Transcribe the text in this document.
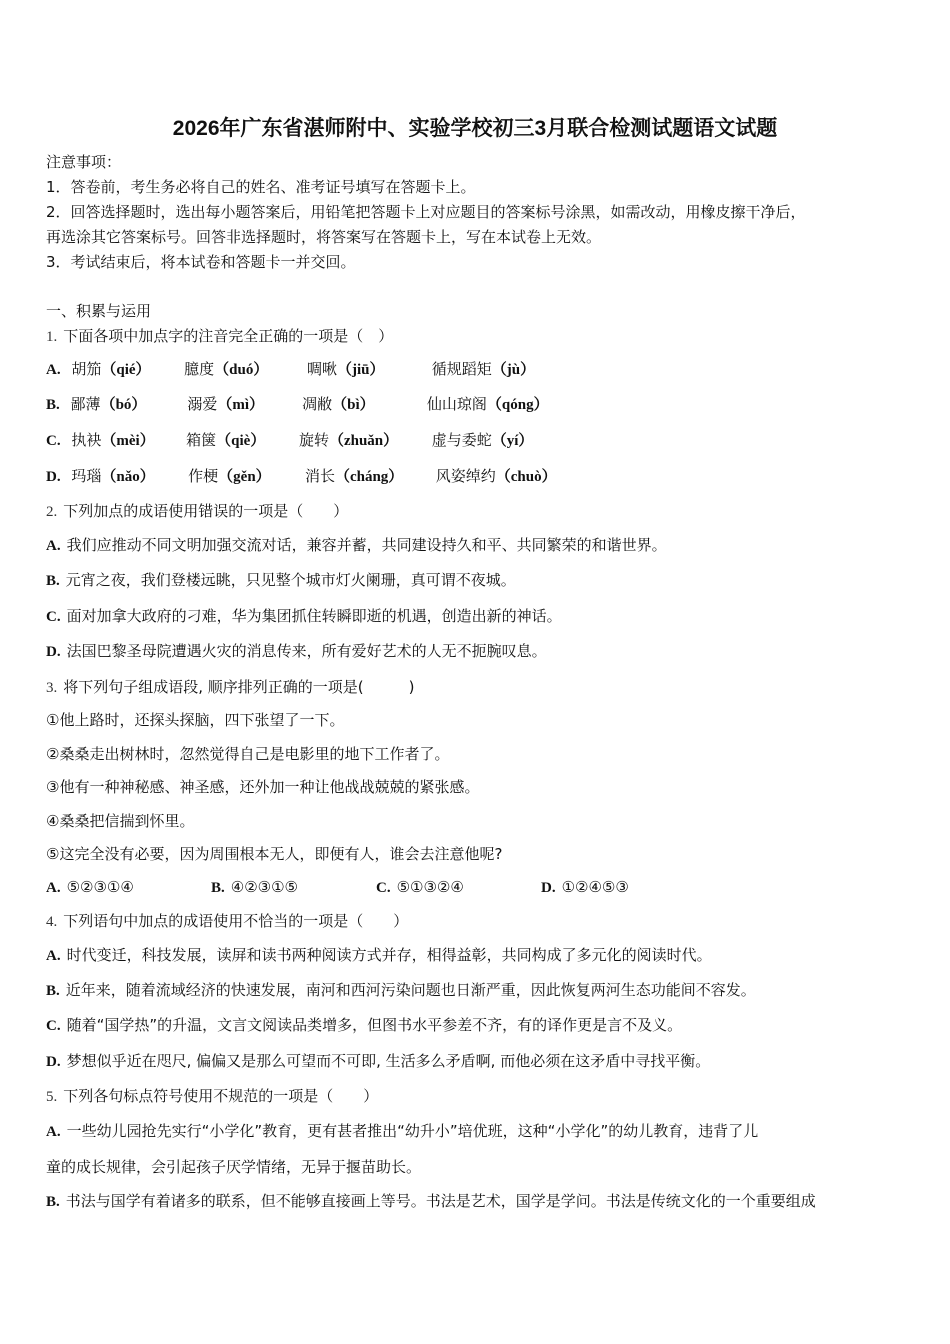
2026年广东省湛师附中、实验学校初三3月联合检测试题语文试题
注意事项：
1．答卷前，考生务必将自己的姓名、准考证号填写在答题卡上。
2．回答选择题时，选出每小题答案后，用铅笔把答题卡上对应题目的答案标号涂黑，如需改动，用橡皮擦干净后，
再选涂其它答案标号。回答非选择题时，将答案写在答题卡上，写在本试卷上无效。
3．考试结束后，将本试卷和答题卡一并交回。
一、积累与运用
1. 下面各项中加点字的注音完全正确的一项是（　）
A. 胡笳（qié） 臆度（duó）	啁啾（jiū）	循规蹈矩（jù）
B. 鄙薄（bó）	溺爱（mì）	凋敝（bì）	仙山琼阁（qóng）
C. 执袂（mèi） 箱箧（qiè） 旋转（zhuǎn） 虚与委蛇（yí）
D. 玛瑙（nǎo） 作梗（gěn） 消长（cháng） 风姿绰约（chuò）
2. 下列加点的成语使用错误的一项是（　　）
A. 我们应推动不同文明加强交流对话，兼容并蓄，共同建设持久和平、共同繁荣的和谐世界。
B. 元宵之夜，我们登楼远眺，只见整个城市灯火阑珊，真可谓不夜城。
C. 面对加拿大政府的刁难，华为集团抓住转瞬即逝的机遇，创造出新的神话。
D. 法国巴黎圣母院遭遇火灾的消息传来，所有爱好艺术的人无不扼腕叹息。
3. 将下列句子组成语段, 顺序排列正确的一项是(　　　)
①他上路时，还探头探脑，四下张望了一下。
②桑桑走出树林时，忽然觉得自己是电影里的地下工作者了。
③他有一种神秘感、神圣感，还外加一种让他战战兢兢的紧张感。
④桑桑把信揣到怀里。
⑤这完全没有必要，因为周围根本无人，即便有人，谁会去注意他呢?
A. ⑤②③①④	B. ④②③①⑤	C. ⑤①③②④	D. ①②④⑤③
4. 下列语句中加点的成语使用不恰当的一项是（　　）
A. 时代变迁，科技发展，读屏和读书两种阅读方式并存，相得益彰，共同构成了多元化的阅读时代。
B. 近年来，随着流域经济的快速发展，南河和西河污染问题也日渐严重，因此恢复两河生态功能间不容发。
C. 随着“国学热”的升温，文言文阅读品类增多，但图书水平参差不齐，有的译作更是言不及义。
D. 梦想似乎近在咫尺, 偏偏又是那么可望而不可即, 生活多么矛盾啊, 而他必须在这矛盾中寻找平衡。
5. 下列各句标点符号使用不规范的一项是（　　）
A. 一些幼儿园抢先实行“小学化”教育，更有甚者推出“幼升小”培优班，这种“小学化”的幼儿教育，违背了儿
童的成长规律，会引起孩子厌学情绪，无异于揠苗助长。
B. 书法与国学有着诸多的联系，但不能够直接画上等号。书法是艺术，国学是学问。书法是传统文化的一个重要组成
